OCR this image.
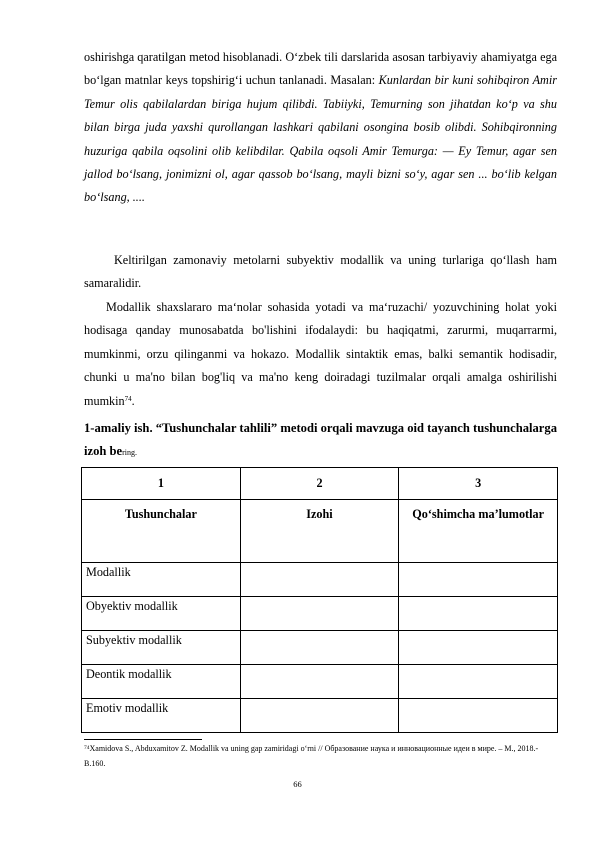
oshirishga qaratilgan metod hisoblanadi. O‘zbek tili darslarida asosan tarbiyaviy ahamiyatga ega bo‘lgan matnlar keys topshirig‘i uchun tanlanadi. Masalan: Kunlardan bir kuni sohibqiron Amir Temur olis qabilalardan biriga hujum qilibdi. Tabiiyki, Temurning son jihatdan ko‘p va shu bilan birga juda yaxshi qurollangan lashkari qabilani osongina bosib olibdi. Sohibqironning huzuriga qabila oqsolini olib kelibdilar. Qabila oqsoli Amir Temurga: — Ey Temur, agar sen jallod bo‘lsang, jonimizni ol, agar qassob bo‘lsang, mayli bizni so‘y, agar sen ... bo‘lib kelgan bo‘lsang, ....
Keltirilgan zamonaviy metolarni subyektiv modallik va uning turlariga qo‘llash ham samaralidir.
Modallik shaxslararo ma‘nolar sohasida yotadi va ma‘ruzachi/ yozuvchining holat yoki hodisaga qanday munosabatda bo'lishini ifodalaydi: bu haqiqatmi, zarurmi, muqarrarmi, mumkinmi, orzu qilinganmi va hokazo. Modallik sintaktik emas, balki semantik hodisadir, chunki u ma'no bilan bog'liq va ma'no keng doiradagi tuzilmalar orqali amalga oshirilishi mumkin$^{74}$.
1-amaliy ish. “Tushunchalar tahlili” metodi orqali mavzuga oid tayanch tushunchalarga izoh bering.
1	2	3
Tushunchalar	Izohi	Qo‘shimcha ma’lumotlar
Modallik		
Obyektiv modallik		
Subyektiv modallik		
Deontik modallik		
Emotiv modallik		
$^{74}$Xamidova S., Abduxamitov Z. Modallik va uning gap zamiridagi o‘rni // Образование наука и инновационные идеи в мире. – М., 2018.- В.160.
66
